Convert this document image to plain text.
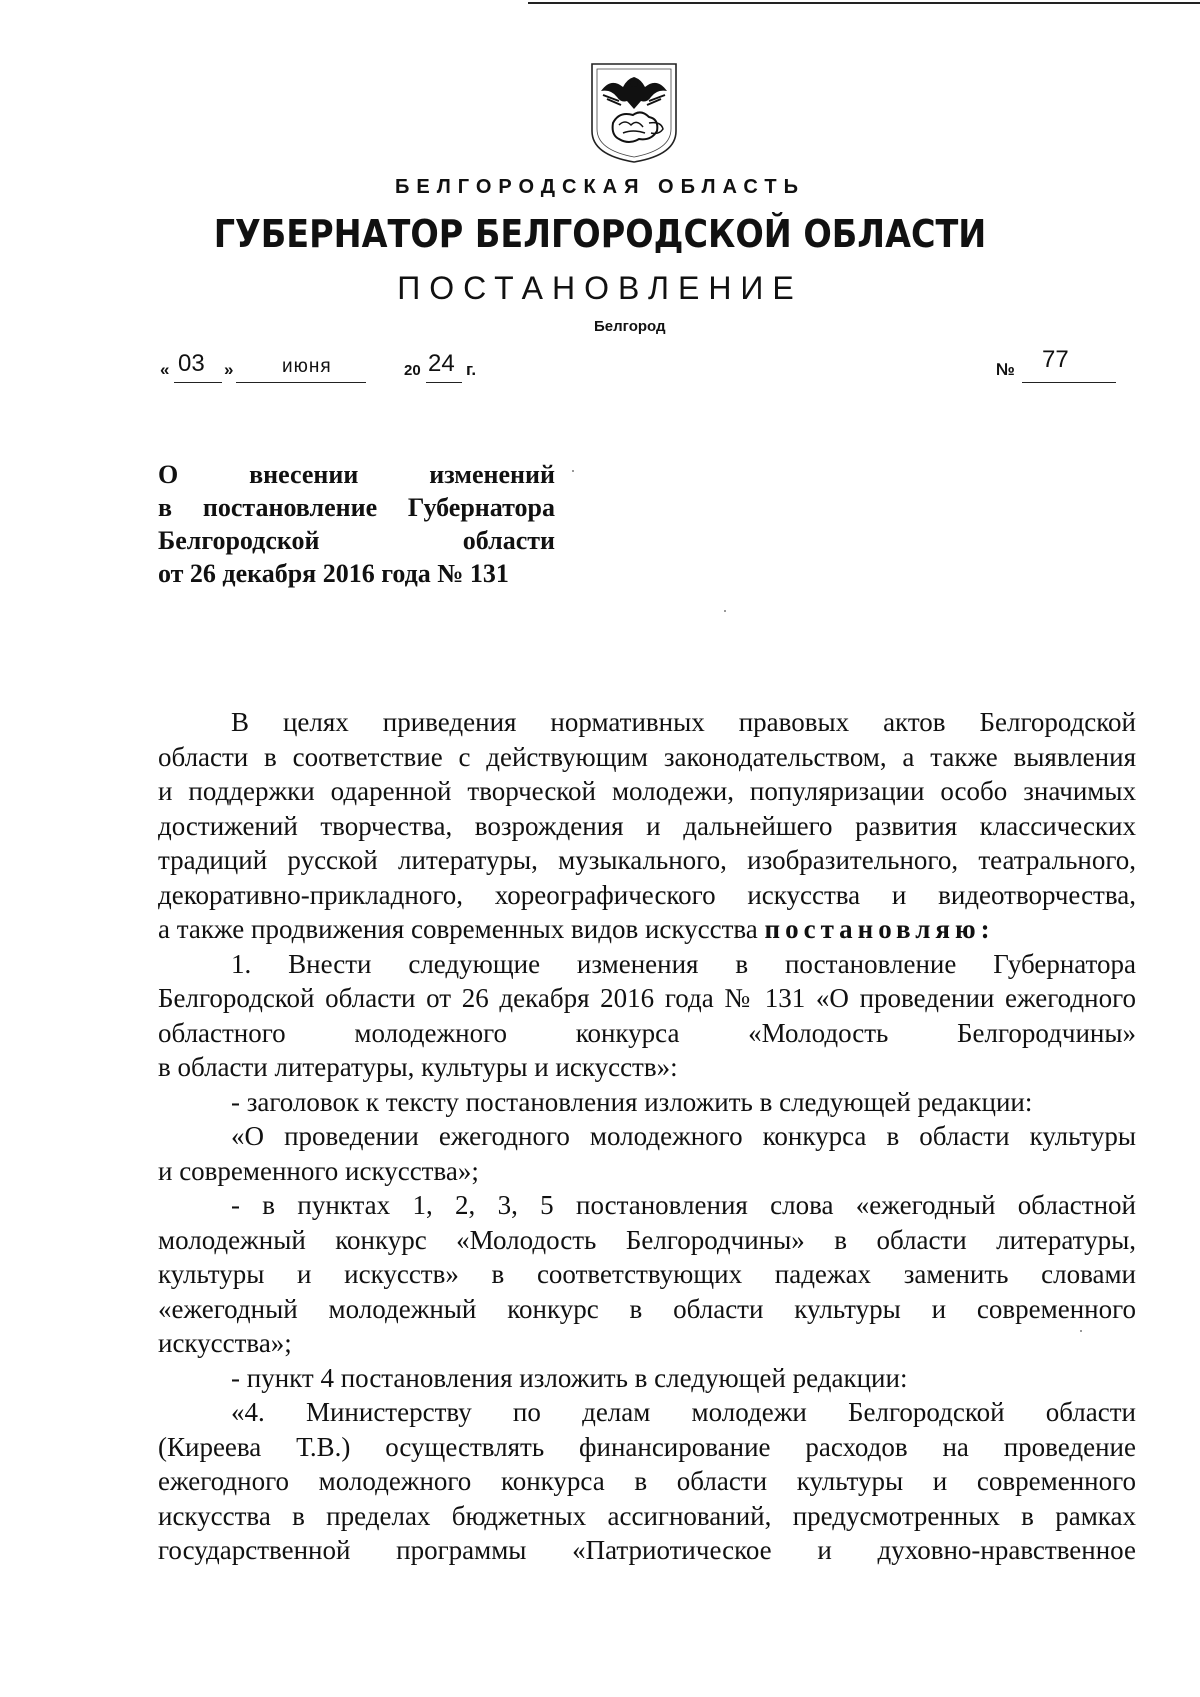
БЕЛГОРОДСКАЯ ОБЛАСТЬ
ГУБЕРНАТОР БЕЛГОРОДСКОЙ ОБЛАСТИ
ПОСТАНОВЛЕНИЕ
Белгород
« 03 »	июня	20 24 г.	№ 77
О внесении изменений
в постановление Губернатора
Белгородской области
от 26 декабря 2016 года № 131
В целях приведения нормативных правовых актов Белгородской
области в соответствие с действующим законодательством, а также выявления
и поддержки одаренной творческой молодежи, популяризации особо значимых
достижений творчества, возрождения и дальнейшего развития классических
традиций русской литературы, музыкального, изобразительного, театрального,
декоративно-прикладного, хореографического искусства и видеотворчества,
а также продвижения современных видов искусства постановляю:
1. Внести следующие изменения в постановление Губернатора
Белгородской области от 26 декабря 2016 года № 131 «О проведении ежегодного
областного молодежного конкурса «Молодость Белгородчины»
в области литературы, культуры и искусств»:
- заголовок к тексту постановления изложить в следующей редакции:
«О проведении ежегодного молодежного конкурса в области культуры
и современного искусства»;
- в пунктах 1, 2, 3, 5 постановления слова «ежегодный областной
молодежный конкурс «Молодость Белгородчины» в области литературы,
культуры и искусств» в соответствующих падежах заменить словами
«ежегодный молодежный конкурс в области культуры и современного
искусства»;
- пункт 4 постановления изложить в следующей редакции:
«4. Министерству по делам молодежи Белгородской области
(Киреева Т.В.) осуществлять финансирование расходов на проведение
ежегодного молодежного конкурса в области культуры и современного
искусства в пределах бюджетных ассигнований, предусмотренных в рамках
государственной программы «Патриотическое и духовно-нравственное
